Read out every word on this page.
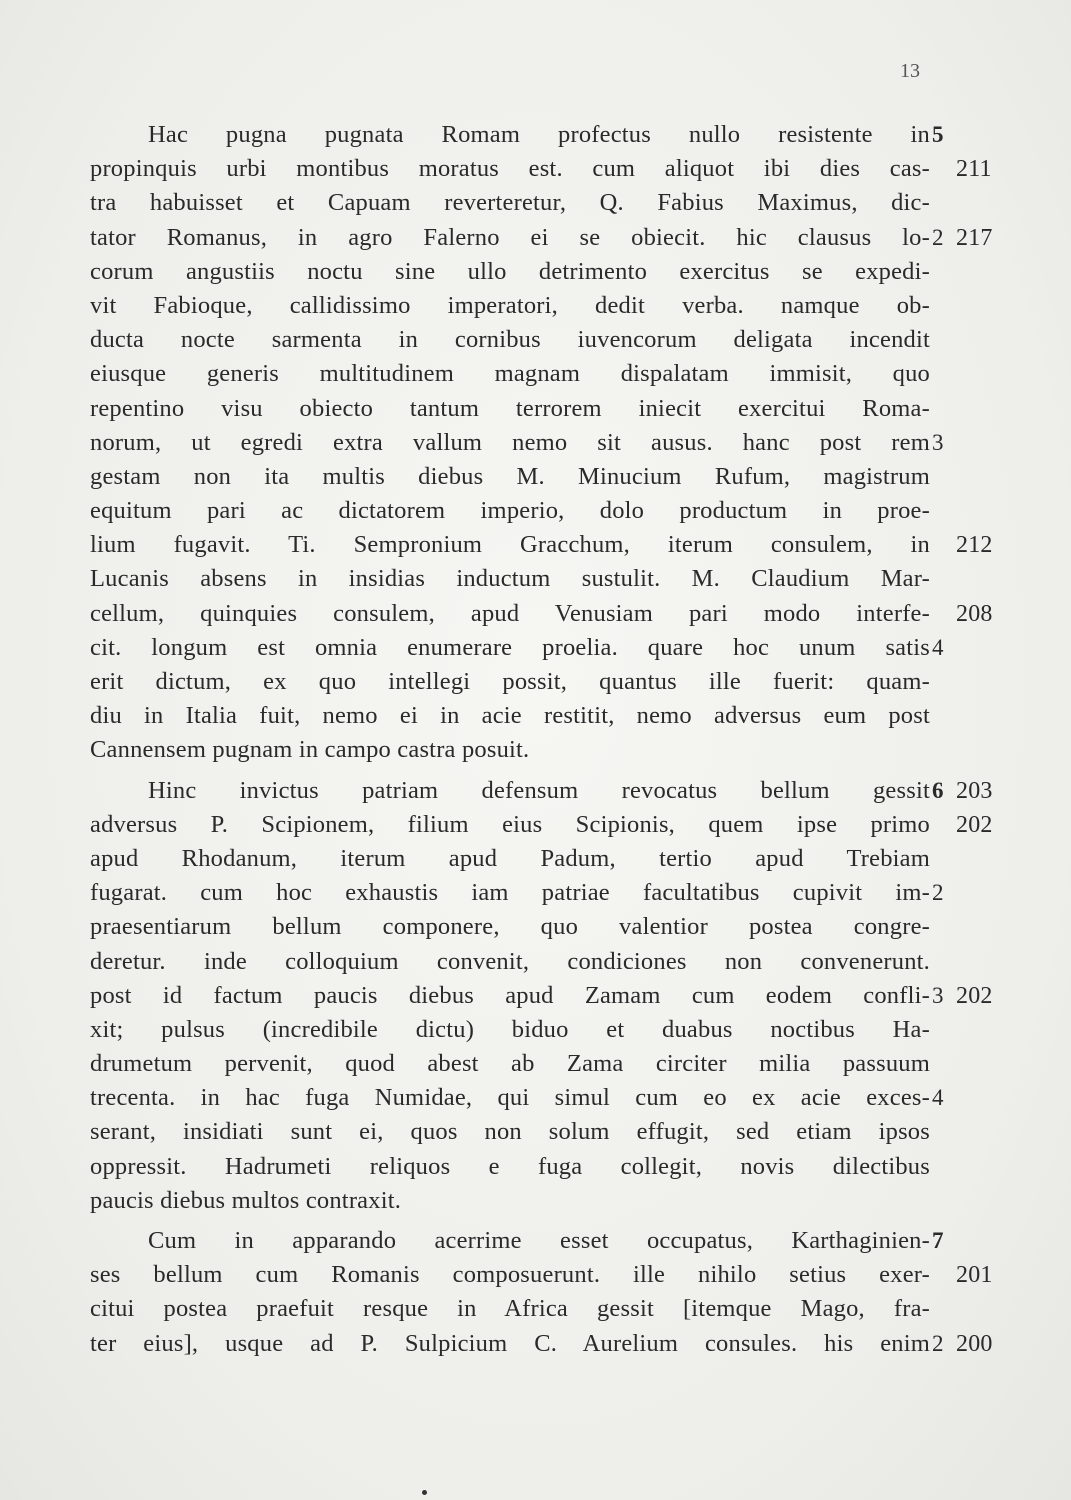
13
Hac pugna pugnata Romam profectus nullo resistente in 5
propinquis urbi montibus moratus est. cum aliquot ibi dies cas- 211
tra habuisset et Capuam reverteretur, Q. Fabius Maximus, dic-
tator Romanus, in agro Falerno ei se obiecit. hic clausus lo- 2 217
corum angustiis noctu sine ullo detrimento exercitus se expedi-
vit Fabioque, callidissimo imperatori, dedit verba. namque ob-
ducta nocte sarmenta in cornibus iuvencorum deligata incendit
eiusque generis multitudinem magnam dispalatam immisit, quo
repentino visu obiecto tantum terrorem iniecit exercitui Roma-
norum, ut egredi extra vallum nemo sit ausus. hanc post rem 3
gestam non ita multis diebus M. Minucium Rufum, magistrum
equitum pari ac dictatorem imperio, dolo productum in proe-
lium fugavit. Ti. Sempronium Gracchum, iterum consulem, in 212
Lucanis absens in insidias inductum sustulit. M. Claudium Mar-
cellum, quinquies consulem, apud Venusiam pari modo interfe- 208
cit. longum est omnia enumerare proelia. quare hoc unum satis 4
erit dictum, ex quo intellegi possit, quantus ille fuerit: quam-
diu in Italia fuit, nemo ei in acie restitit, nemo adversus eum post
Cannensem pugnam in campo castra posuit.
Hinc invictus patriam defensum revocatus bellum gessit 6 203
adversus P. Scipionem, filium eius Scipionis, quem ipse primo 202
apud Rhodanum, iterum apud Padum, tertio apud Trebiam
fugarat. cum hoc exhaustis iam patriae facultatibus cupivit im- 2
praesentiarum bellum componere, quo valentior postea congre-
deretur. inde colloquium convenit, condiciones non convenerunt.
post id factum paucis diebus apud Zamam cum eodem confli- 3 202
xit; pulsus (incredibile dictu) biduo et duabus noctibus Ha-
drumetum pervenit, quod abest ab Zama circiter milia passuum
trecenta. in hac fuga Numidae, qui simul cum eo ex acie exces- 4
serant, insidiati sunt ei, quos non solum effugit, sed etiam ipsos
oppressit. Hadrumeti reliquos e fuga collegit, novis dilectibus
paucis diebus multos contraxit.
Cum in apparando acerrime esset occupatus, Karthaginien- 7
ses bellum cum Romanis composuerunt. ille nihilo setius exer- 201
citui postea praefuit resque in Africa gessit [itemque Mago, fra-
ter eius], usque ad P. Sulpicium C. Aurelium consules. his enim 2 200
